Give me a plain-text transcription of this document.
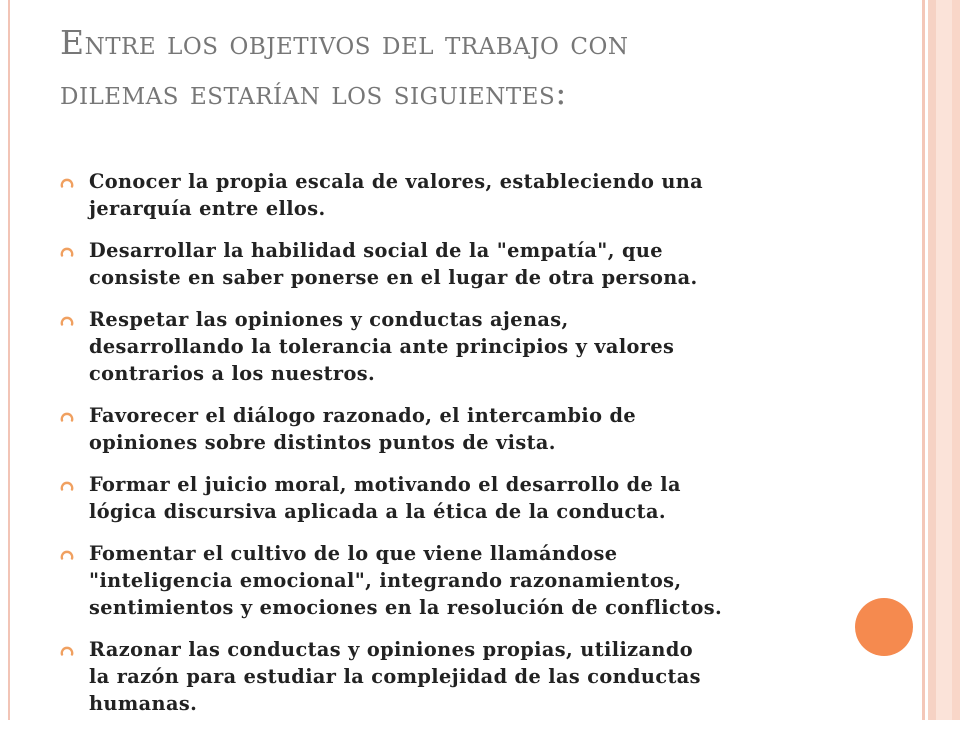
Entre los objetivos del trabajo con
dilemas estarían los siguientes:
Conocer la propia escala de valores, estableciendo una
jerarquía entre ellos.
Desarrollar la habilidad social de la "empatía", que
consiste en saber ponerse en el lugar de otra persona.
Respetar las opiniones y conductas ajenas,
desarrollando la tolerancia ante principios y valores
contrarios a los nuestros.
Favorecer el diálogo razonado, el intercambio de
opiniones sobre distintos puntos de vista.
Formar el juicio moral, motivando el desarrollo de la
lógica discursiva aplicada a la ética de la conducta.
Fomentar el cultivo de lo que viene llamándose
"inteligencia emocional", integrando razonamientos,
sentimientos y emociones en la resolución de conflictos.
Razonar las conductas y opiniones propias, utilizando
la razón para estudiar la complejidad de las conductas
humanas.
